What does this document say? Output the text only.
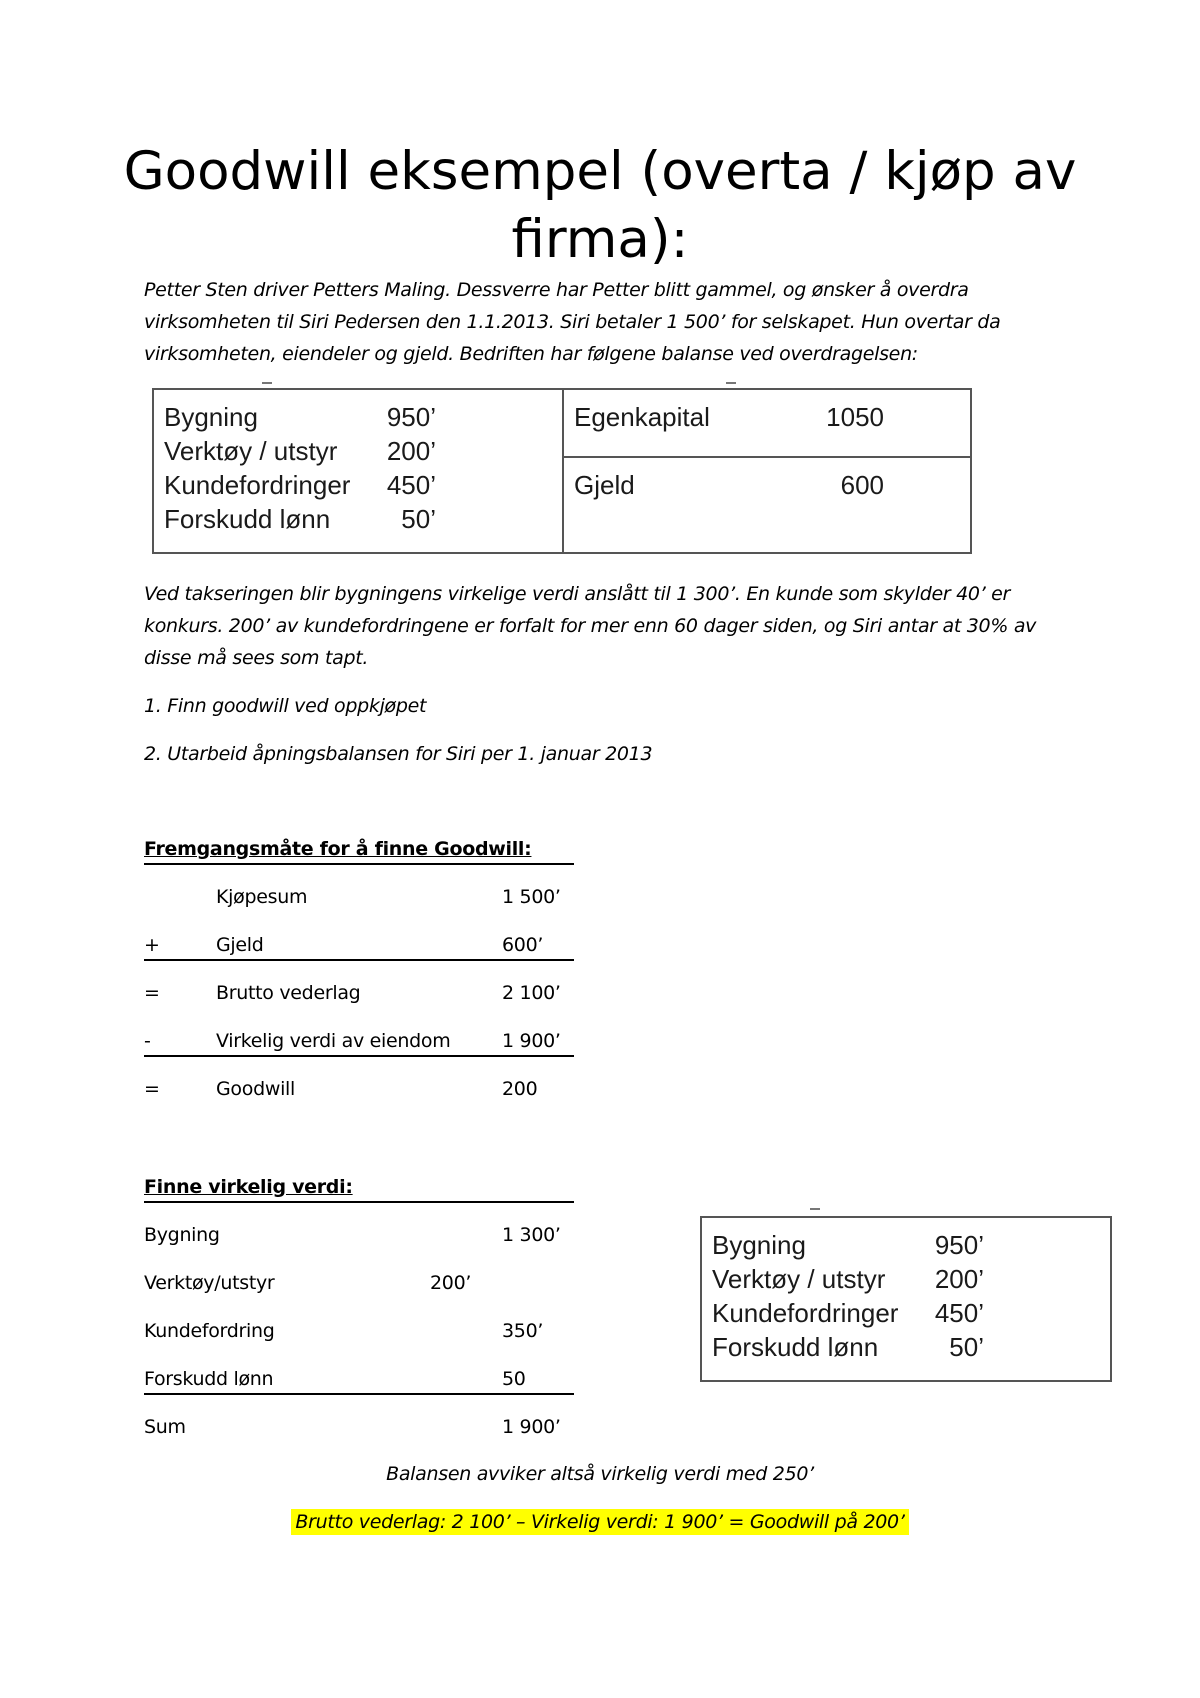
Goodwill eksempel (overta / kjøp av firma):

Petter Sten driver Petters Maling. Dessverre har Petter blitt gammel, og ønsker å overdra virksomheten til Siri Pedersen den 1.1.2013. Siri betaler 1 500’ for selskapet. Hun overtar da virksomheten, eiendeler og gjeld. Bedriften har følgene balanse ved overdragelsen:

Bygning	950’
Verktøy / utstyr	200’
Kundefordringer	450’
Forskudd lønn	50’
Egenkapital	1050
Gjeld	600

Ved takseringen blir bygningens virkelige verdi anslått til 1 300’. En kunde som skylder 40’ er konkurs. 200’ av kundefordringene er forfalt for mer enn 60 dager siden, og Siri antar at 30% av disse må sees som tapt.

1. Finn goodwill ved oppkjøpet

2. Utarbeid åpningsbalansen for Siri per 1. januar 2013

Fremgangsmåte for å finne Goodwill:
Kjøpesum	1 500’
+	Gjeld	600’
=	Brutto vederlag	2 100’
-	Virkelig verdi av eiendom	1 900’
=	Goodwill	200
Finne virkelig verdi:
Bygning	1 300’
Verktøy/utstyr	200’
Kundefordring	350’
Forskudd lønn	50
Sum	1 900’
Bygning	950’
Verktøy / utstyr	200’
Kundefordringer	450’
Forskudd lønn	50’
Balansen avviker altså virkelig verdi med 250’
Brutto vederlag: 2 100’ – Virkelig verdi: 1 900’ = Goodwill på 200’
